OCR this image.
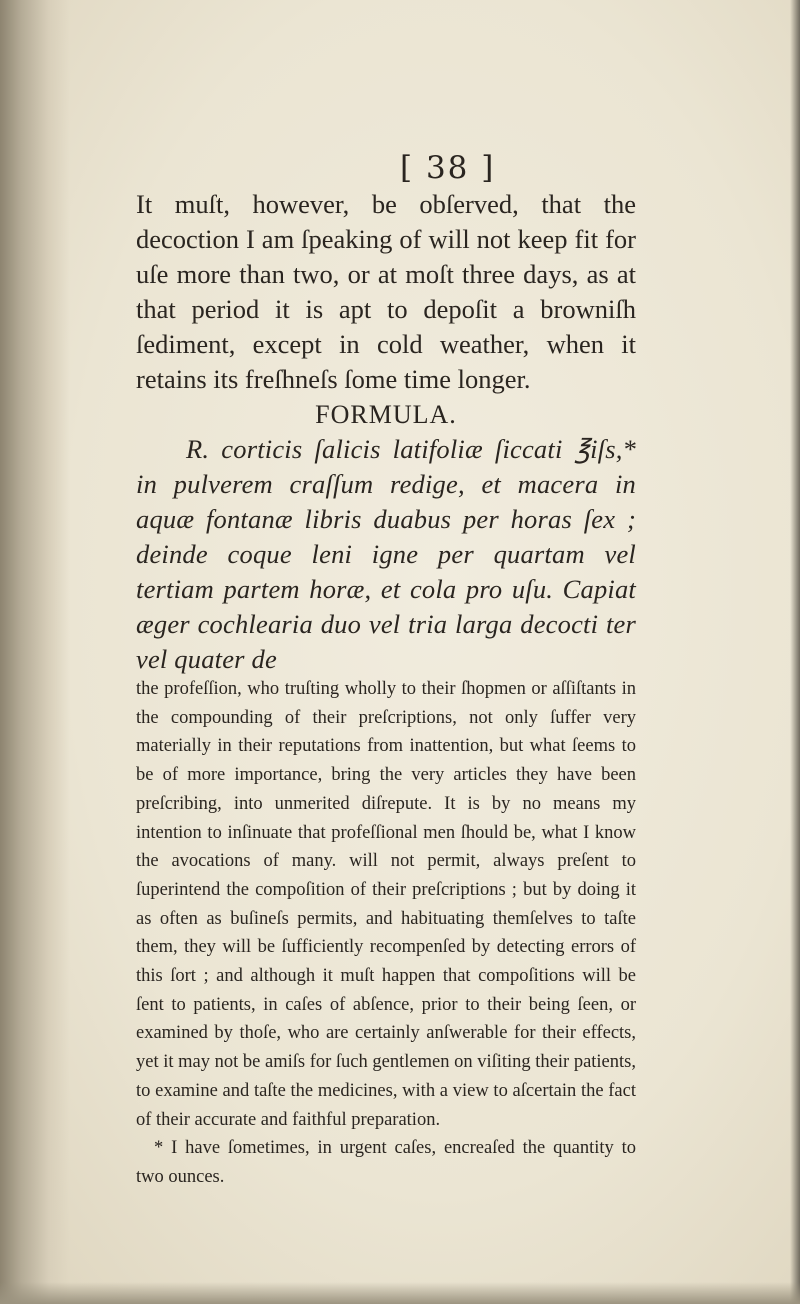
[ 38 ]

It muſt, however, be obſerved, that the decoction I am ſpeaking of will not keep fit for uſe more than two, or at moſt three days, as at that period it is apt to depoſit a browniſh ſediment, except in cold weather, when it retains its freſhneſs ſome time longer.

FORMULA.

R. corticis ſalicis latifoliæ ſiccati ℥iſs,* in pulverem craſſum redige, et macera in aquæ fontanæ libris duabus per horas ſex ; deinde coque leni igne per quartam vel tertiam partem horæ, et cola pro uſu. Capiat æger cochlearia duo vel tria larga decocti ter vel quater de

the profeſſion, who truſting wholly to their ſhopmen or aſſiſtants in the compounding of their preſcriptions, not only ſuffer very materially in their reputations from inattention, but what ſeems to be of more importance, bring the very articles they have been preſcribing, into unmerited diſrepute. It is by no means my intention to inſinuate that profeſſional men ſhould be, what I know the avocations of many. will not permit, always preſent to ſuperintend the compoſition of their preſcriptions ; but by doing it as often as buſineſs permits, and habituating themſelves to taſte them, they will be ſufficiently recompenſed by detecting errors of this ſort ; and although it muſt happen that compoſitions will be ſent to patients, in caſes of abſence, prior to their being ſeen, or examined by thoſe, who are certainly anſwerable for their effects, yet it may not be amiſs for ſuch gentlemen on viſiting their patients, to examine and taſte the medicines, with a view to aſcertain the fact of their accurate and faithful preparation.

* I have ſometimes, in urgent caſes, encreaſed the quantity to two ounces.
